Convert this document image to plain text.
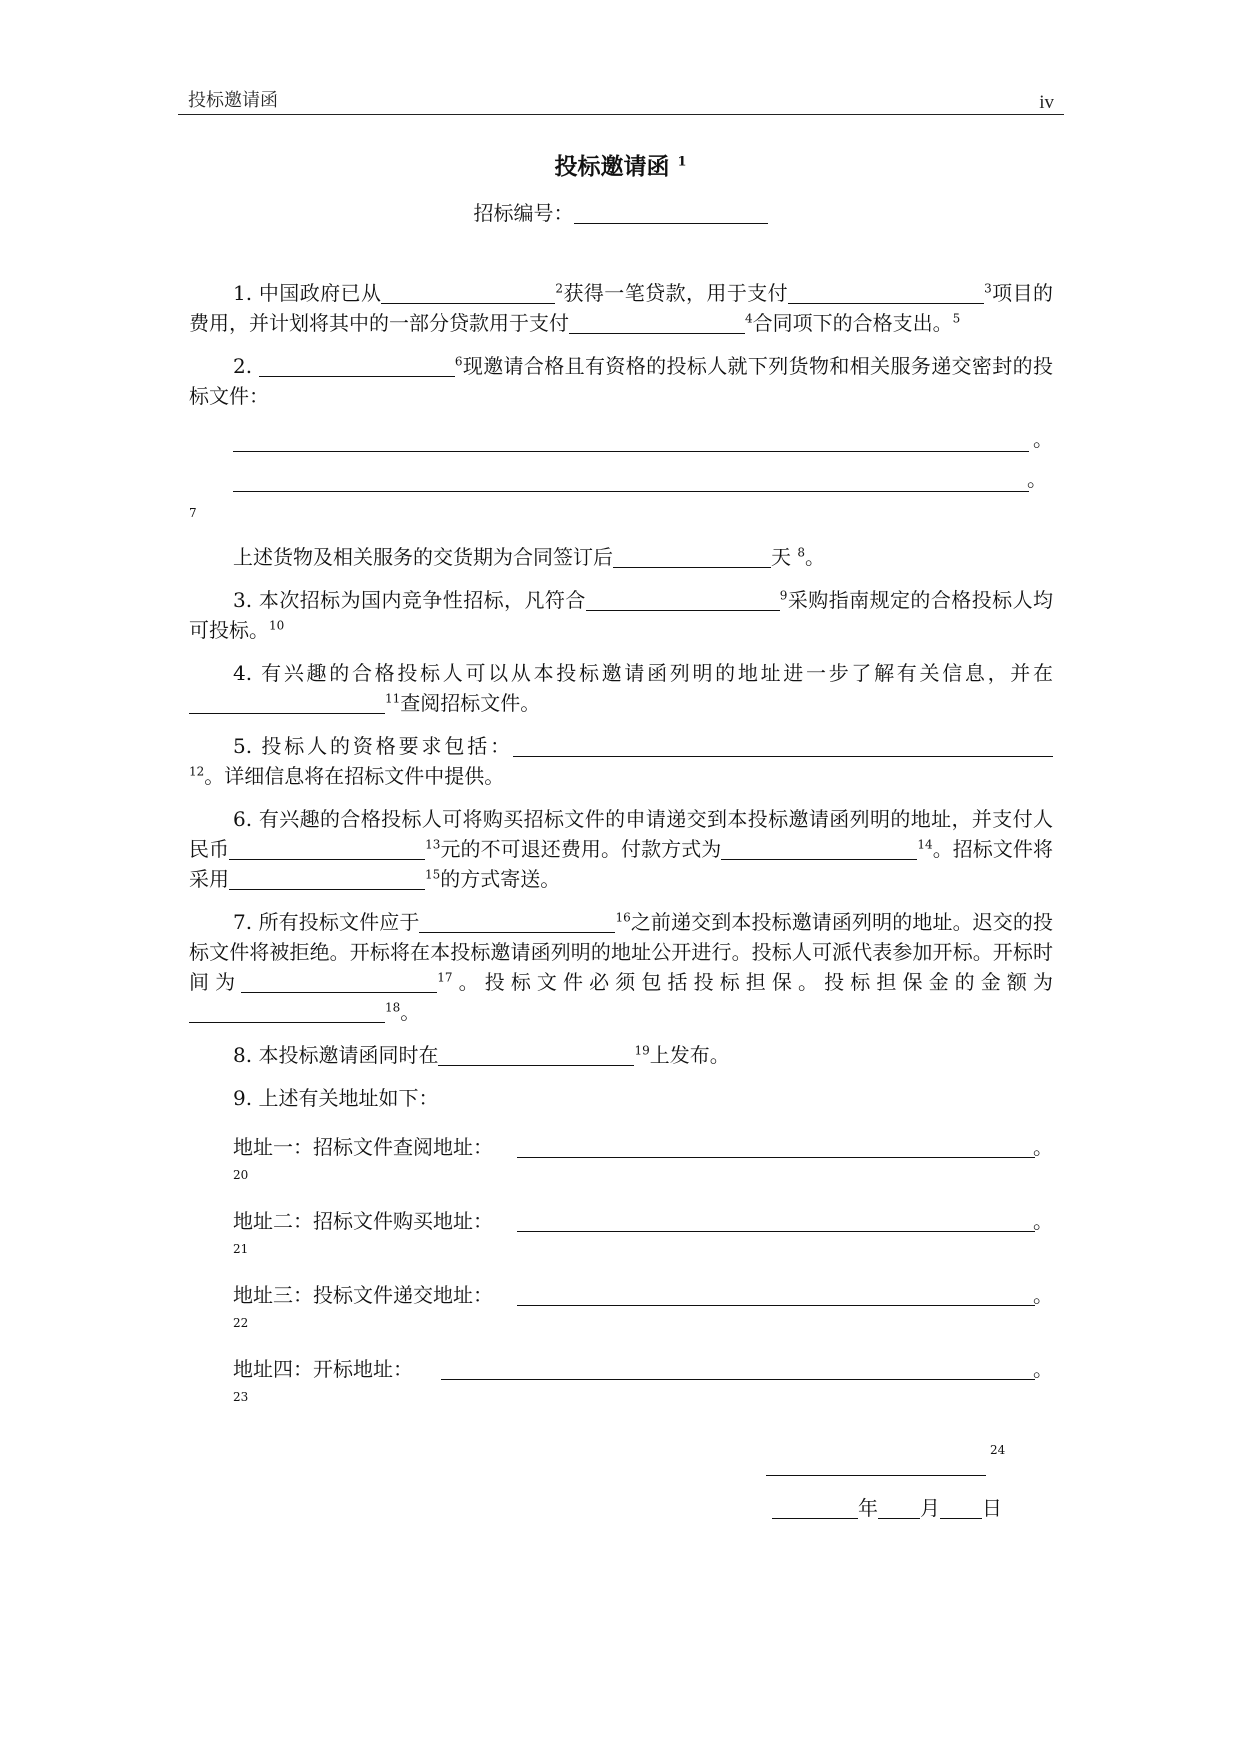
投标邀请函	iv
投标邀请函 $^1$
招标编号：

1. 中国政府已从	$^2$获得一笔贷款，用于支付	$^3$项目的费用，并计划将其中的一部分贷款用于支付	$^4$合同项下的合格支出。$^5$

2.	$^6$现邀请合格且有资格的投标人就下列货物和相关服务递交密封的投标文件：

。
。
7

上述货物及相关服务的交货期为合同签订后	天 $^8$。

3. 本次招标为国内竞争性招标，凡符合	$^9$采购指南规定的合格投标人均可投标。$^{10}$

4. 有兴趣的合格投标人可以从本投标邀请函列明的地址进一步了解有关信息，并在$^{11}$查阅招标文件。

5. 投标人的资格要求包括：$^{12}$。详细信息将在招标文件中提供。

6. 有兴趣的合格投标人可将购买招标文件的申请递交到本投标邀请函列明的地址，并支付人民币	$^{13}$元的不可退还费用。付款方式为	$^{14}$。招标文件将采用	$^{15}$的方式寄送。

7. 所有投标文件应于	$^{16}$之前递交到本投标邀请函列明的地址。迟交的投标文件将被拒绝。开标将在本投标邀请函列明的地址公开进行。投标人可派代表参加开标。开标时间为	$^{17}$。投标文件必须包括投标担保。投标担保金的金额为$^{18}$。

8. 本投标邀请函同时在	$^{19}$上发布。

9. 上述有关地址如下：

地址一：招标文件查阅地址：	。
20
地址二：招标文件购买地址：	。
21
地址三：投标文件递交地址：	。
22
地址四：开标地址：	。
23
24
年 月 日
